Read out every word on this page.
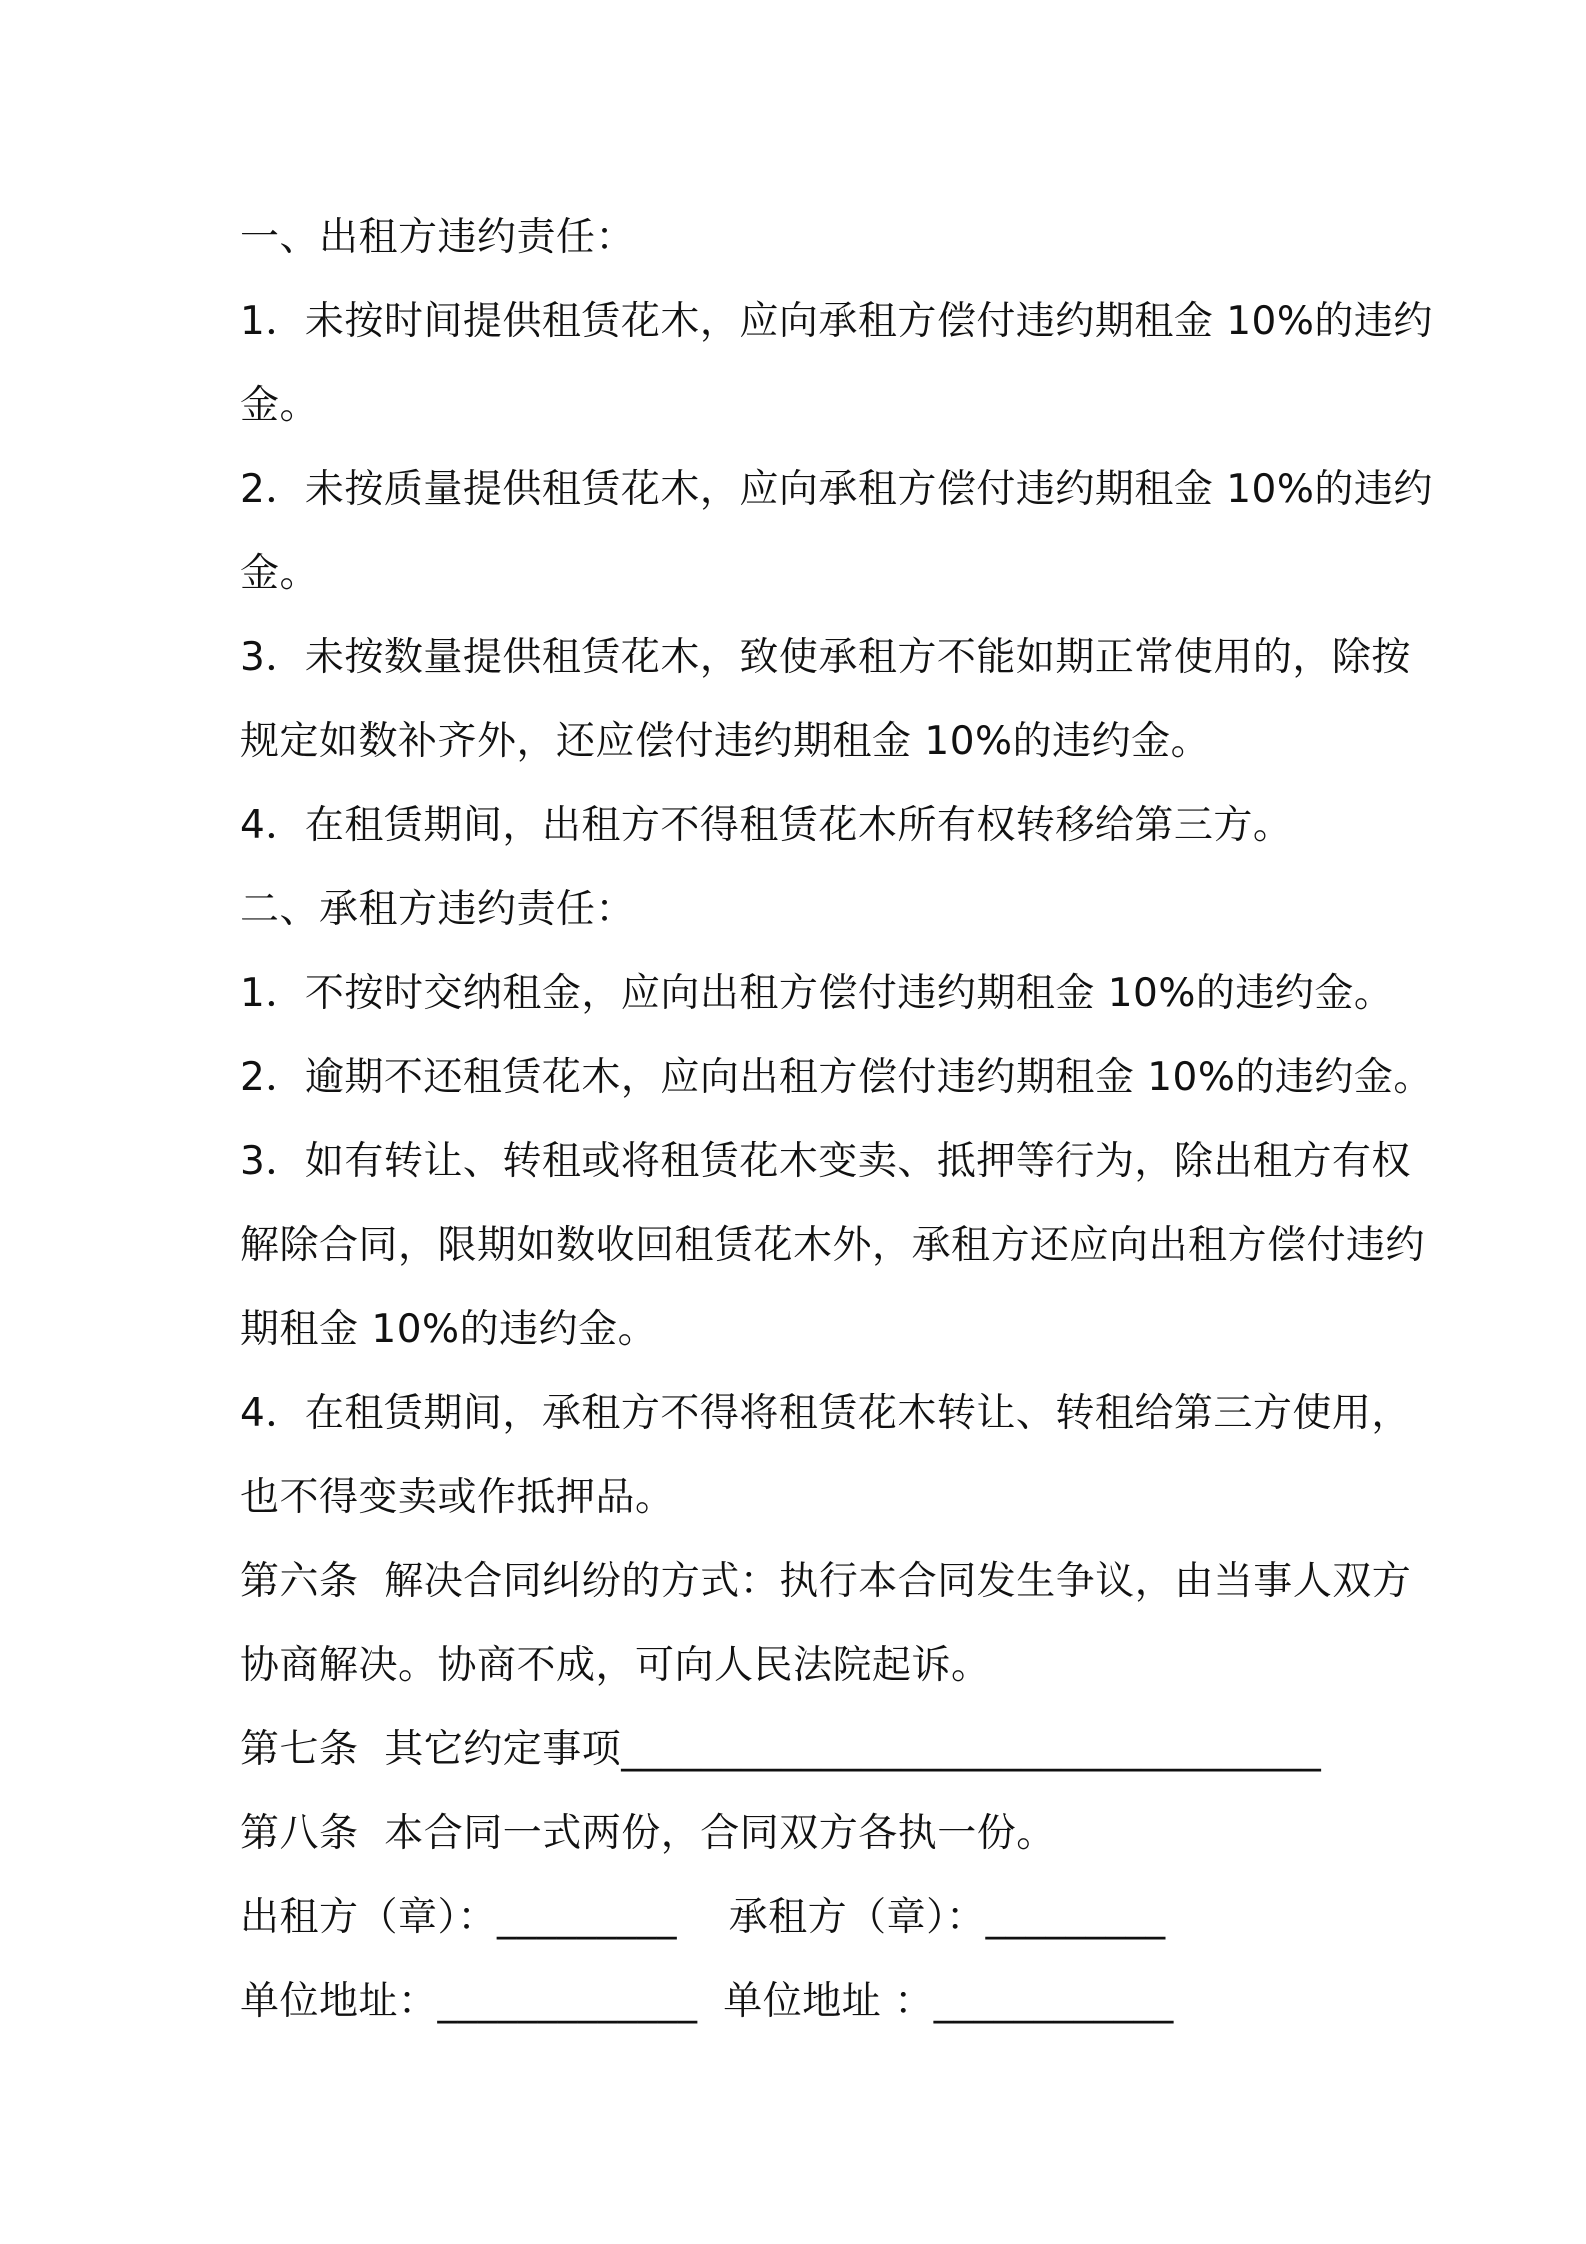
一、出租方违约责任：
1．未按时间提供租赁花木，应向承租方偿付违约期租金 10%的违约
金。
2．未按质量提供租赁花木，应向承租方偿付违约期租金 10%的违约
金。
3．未按数量提供租赁花木，致使承租方不能如期正常使用的，除按
规定如数补齐外，还应偿付违约期租金 10%的违约金。
4．在租赁期间，出租方不得租赁花木所有权转移给第三方。
二、承租方违约责任：
1．不按时交纳租金，应向出租方偿付违约期租金 10%的违约金。
2．逾期不还租赁花木，应向出租方偿付违约期租金 10%的违约金。
3．如有转让、转租或将租赁花木变卖、抵押等行为，除出租方有权
解除合同，限期如数收回租赁花木外，承租方还应向出租方偿付违约
期租金 10%的违约金。
4．在租赁期间，承租方不得将租赁花木转让、转租给第三方使用，
也不得变卖或作抵押品。
第六条  解决合同纠纷的方式：执行本合同发生争议，由当事人双方
协商解决。协商不成，可向人民法院起诉。
第七条  其它约定事项___________________________________
第八条  本合同一式两份，合同双方各执一份。
出租方（章）：_________    承租方（章）：_________
单位地址：_____________  单位地址 ：____________
